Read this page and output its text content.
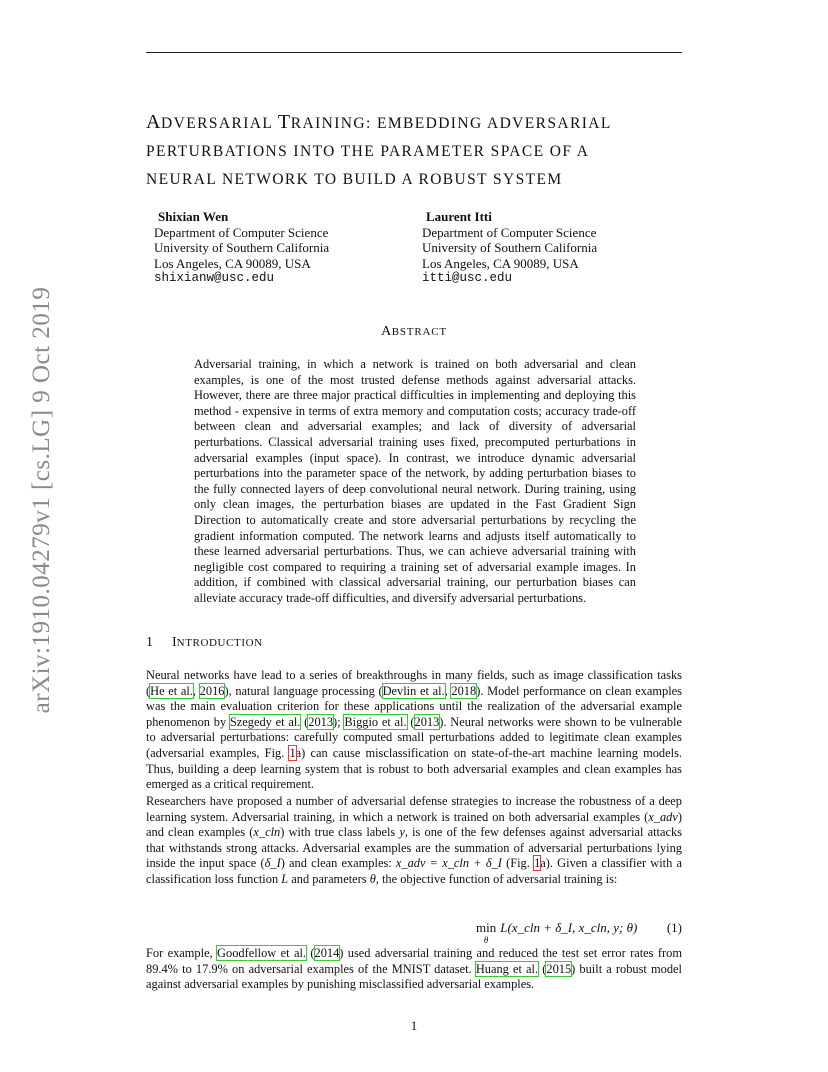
arXiv:1910.04279v1 [cs.LG] 9 Oct 2019
ADVERSARIAL TRAINING: EMBEDDING ADVERSARIAL
PERTURBATIONS INTO THE PARAMETER SPACE OF A
NEURAL NETWORK TO BUILD A ROBUST SYSTEM
Shixian Wen
Department of Computer Science
University of Southern California
Los Angeles, CA 90089, USA
shixianw@usc.edu
Laurent Itti
Department of Computer Science
University of Southern California
Los Angeles, CA 90089, USA
itti@usc.edu
ABSTRACT
Adversarial training, in which a network is trained on both adversarial and clean examples, is one of the most trusted defense methods against adversarial attacks. However, there are three major practical difficulties in implementing and deploying this method - expensive in terms of extra memory and computation costs; accuracy trade-off between clean and adversarial examples; and lack of diversity of adversarial perturbations. Classical adversarial training uses fixed, precomputed perturbations in adversarial examples (input space). In contrast, we introduce dynamic adversarial perturbations into the parameter space of the network, by adding perturbation biases to the fully connected layers of deep convolutional neural network. During training, using only clean images, the perturbation biases are updated in the Fast Gradient Sign Direction to automatically create and store adversarial perturbations by recycling the gradient information computed. The network learns and adjusts itself automatically to these learned adversarial perturbations. Thus, we can achieve adversarial training with negligible cost compared to requiring a training set of adversarial example images. In addition, if combined with classical adversarial training, our perturbation biases can alleviate accuracy trade-off difficulties, and diversify adversarial perturbations.
1 INTRODUCTION
Neural networks have lead to a series of breakthroughs in many fields, such as image classification tasks (He et al., 2016), natural language processing (Devlin et al., 2018). Model performance on clean examples was the main evaluation criterion for these applications until the realization of the adversarial example phenomenon by Szegedy et al. (2013); Biggio et al. (2013). Neural networks were shown to be vulnerable to adversarial perturbations: carefully computed small perturbations added to legitimate clean examples (adversarial examples, Fig. 1a) can cause misclassification on state-of-the-art machine learning models. Thus, building a deep learning system that is robust to both adversarial examples and clean examples has emerged as a critical requirement.
Researchers have proposed a number of adversarial defense strategies to increase the robustness of a deep learning system. Adversarial training, in which a network is trained on both adversarial examples (x_adv) and clean examples (x_cln) with true class labels y, is one of the few defenses against adversarial attacks that withstands strong attacks. Adversarial examples are the summation of adversarial perturbations lying inside the input space (δ_I) and clean examples: x_adv = x_cln + δ_I (Fig. 1a). Given a classifier with a classification loss function L and parameters θ, the objective function of adversarial training is:
min
θ
L(x_cln + δ_I, x_cln, y; θ) (1)
For example, Goodfellow et al. (2014) used adversarial training and reduced the test set error rates from 89.4% to 17.9% on adversarial examples of the MNIST dataset. Huang et al. (2015) built a robust model against adversarial examples by punishing misclassified adversarial examples.
1
